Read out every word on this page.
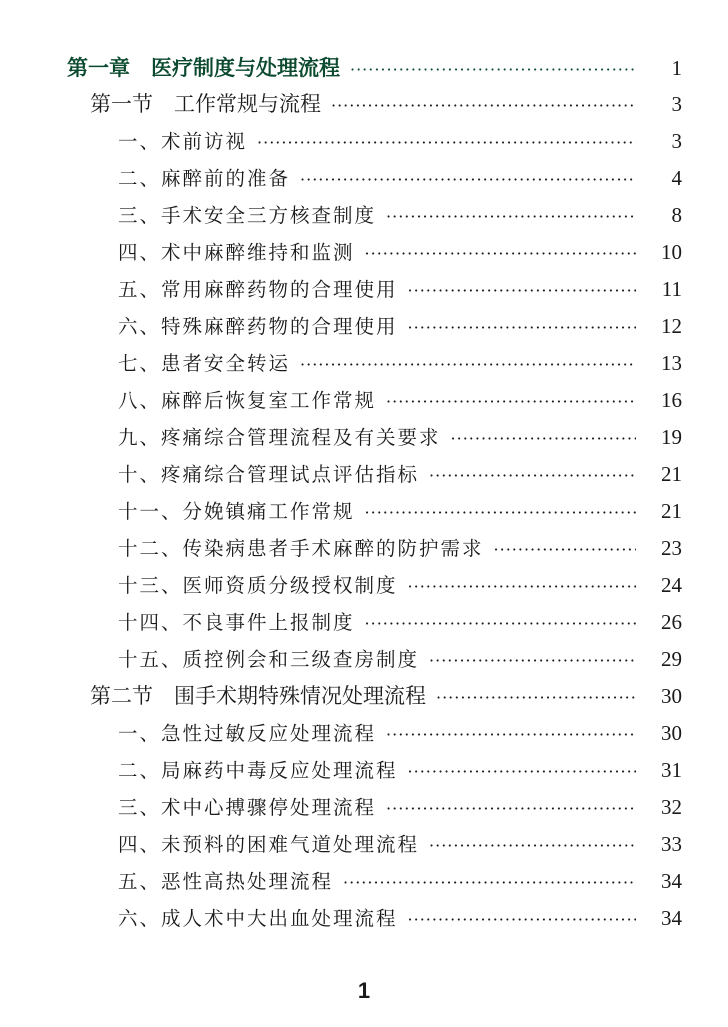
第一章　医疗制度与处理流程 ·····	1
第一节　工作常规与流程 ·····	3
一、术前访视 ·····	3
二、麻醉前的准备 ·····	4
三、手术安全三方核查制度 ·····	8
四、术中麻醉维持和监测 ·····	10
五、常用麻醉药物的合理使用 ·····	11
六、特殊麻醉药物的合理使用 ·····	12
七、患者安全转运 ·····	13
八、麻醉后恢复室工作常规 ·····	16
九、疼痛综合管理流程及有关要求 ·····	19
十、疼痛综合管理试点评估指标 ·····	21
十一、分娩镇痛工作常规 ·····	21
十二、传染病患者手术麻醉的防护需求 ·····	23
十三、医师资质分级授权制度 ·····	24
十四、不良事件上报制度 ·····	26
十五、质控例会和三级查房制度 ·····	29
第二节　围手术期特殊情况处理流程 ·····	30
一、急性过敏反应处理流程 ·····	30
二、局麻药中毒反应处理流程 ·····	31
三、术中心搏骤停处理流程 ·····	32
四、未预料的困难气道处理流程 ·····	33
五、恶性高热处理流程 ·····	34
六、成人术中大出血处理流程 ·····	34
1
